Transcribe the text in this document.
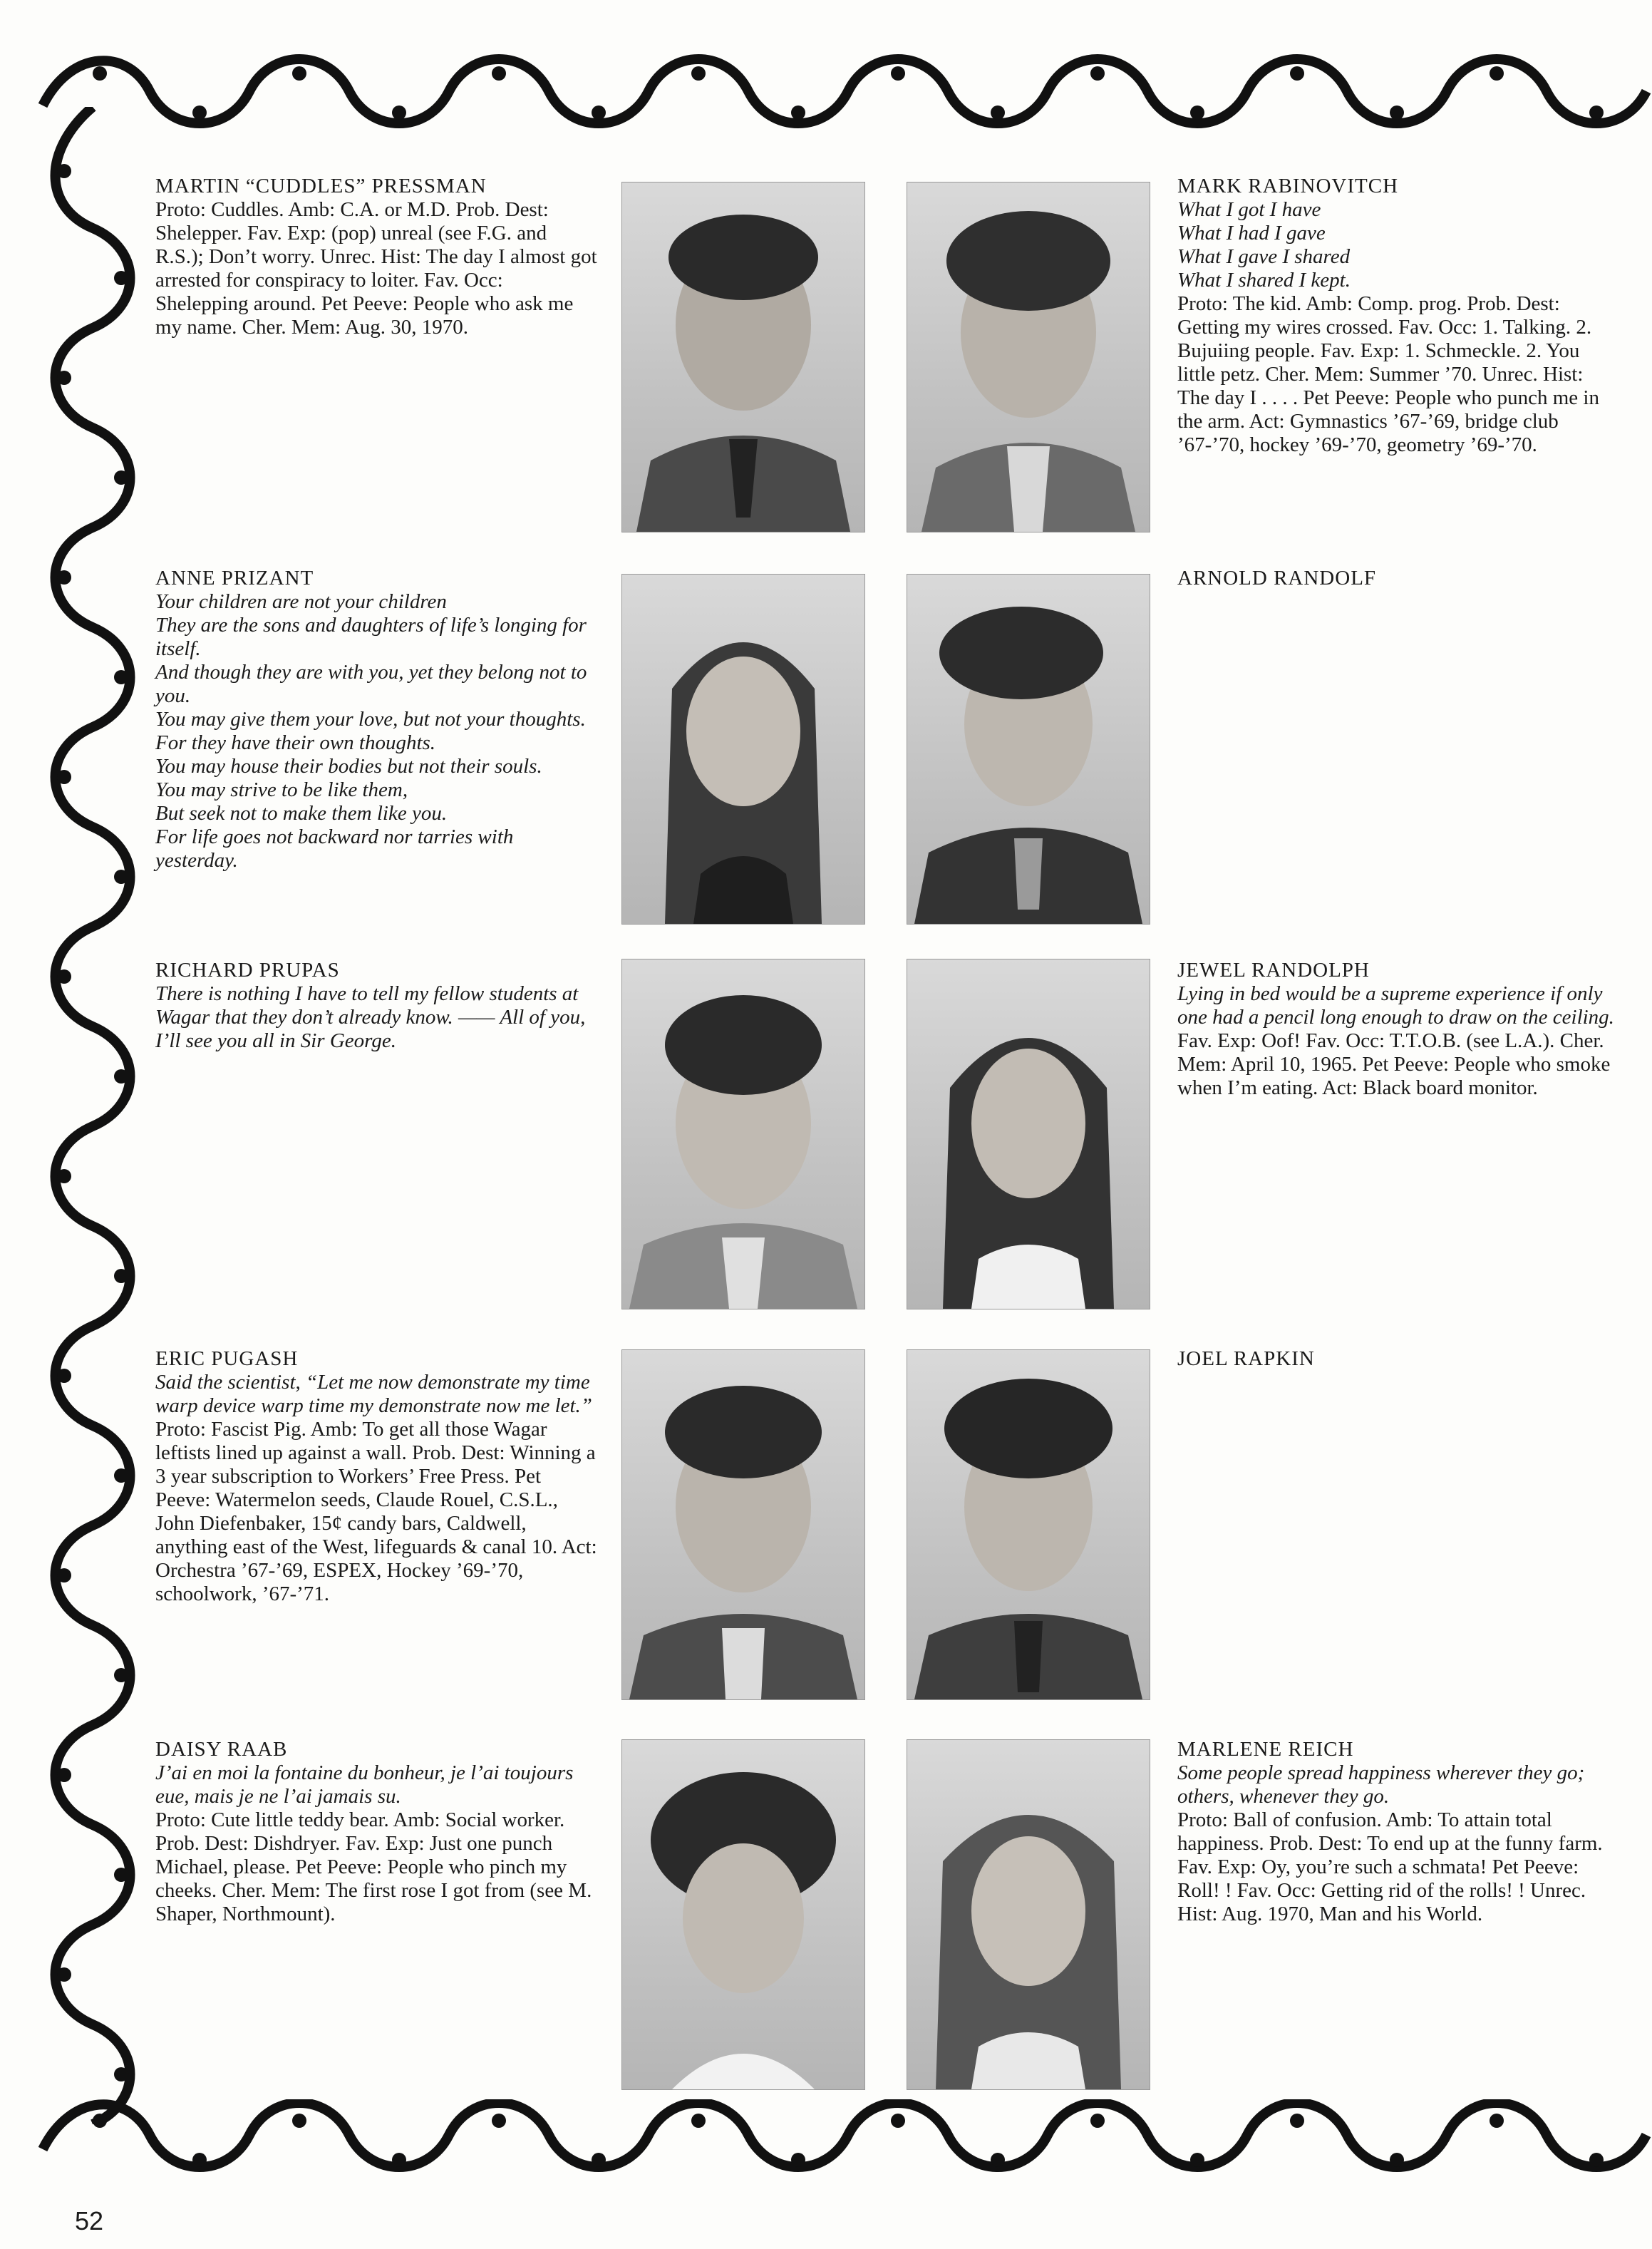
MARTIN “CUDDLES” PRESSMAN
Proto: Cuddles. Amb: C.A. or M.D. Prob. Dest: Shelepper. Fav. Exp: (pop) unreal (see F.G. and R.S.); Don’t worry. Unrec. Hist: The day I almost got arrested for conspiracy to loiter. Fav. Occ: Shelepping around. Pet Peeve: People who ask me my name. Cher. Mem: Aug. 30, 1970.
MARK RABINOVITCH
What I got I have
What I had I gave
What I gave I shared
What I shared I kept.
Proto: The kid. Amb: Comp. prog. Prob. Dest: Getting my wires crossed. Fav. Occ: 1. Talking. 2. Bujuiing people. Fav. Exp: 1. Schmeckle. 2. You little petz. Cher. Mem: Summer ’70. Unrec. Hist: The day I . . . . Pet Peeve: People who punch me in the arm. Act: Gymnastics ’67-’69, bridge club ’67-’70, hockey ’69-’70, geometry ’69-’70.
ANNE PRIZANT
Your children are not your children
They are the sons and daughters of life’s longing for itself.
And though they are with you, yet they belong not to you.
You may give them your love, but not your thoughts.
For they have their own thoughts.
You may house their bodies but not their souls.
You may strive to be like them,
But seek not to make them like you.
For life goes not backward nor tarries with yesterday.
ARNOLD RANDOLF
RICHARD PRUPAS
There is nothing I have to tell my fellow students at Wagar that they don’t already know. —— All of you, I’ll see you all in Sir George.
JEWEL RANDOLPH
Lying in bed would be a supreme experience if only one had a pencil long enough to draw on the ceiling.
Fav. Exp: Oof! Fav. Occ: T.T.O.B. (see L.A.). Cher. Mem: April 10, 1965. Pet Peeve: People who smoke when I’m eating. Act: Black board monitor.
ERIC PUGASH
Said the scientist, “Let me now demonstrate my time warp device warp time my demonstrate now me let.”
Proto: Fascist Pig. Amb: To get all those Wagar leftists lined up against a wall. Prob. Dest: Winning a 3 year subscription to Workers’ Free Press. Pet Peeve: Watermelon seeds, Claude Rouel, C.S.L., John Diefenbaker, 15¢ candy bars, Caldwell, anything east of the West, lifeguards & canal 10. Act: Orchestra ’67-’69, ESPEX, Hockey ’69-’70, schoolwork, ’67-’71.
JOEL RAPKIN
DAISY RAAB
J’ai en moi la fontaine du bonheur, je l’ai toujours eue, mais je ne l’ai jamais su.
Proto: Cute little teddy bear. Amb: Social worker. Prob. Dest: Dishdryer. Fav. Exp: Just one punch Michael, please. Pet Peeve: People who pinch my cheeks. Cher. Mem: The first rose I got from (see M. Shaper, Northmount).
MARLENE REICH
Some people spread happiness wherever they go; others, whenever they go.
Proto: Ball of confusion. Amb: To attain total happiness. Prob. Dest: To end up at the funny farm. Fav. Exp: Oy, you’re such a schmata! Pet Peeve: Roll! ! Fav. Occ: Getting rid of the rolls! ! Unrec. Hist: Aug. 1970, Man and his World.
52
